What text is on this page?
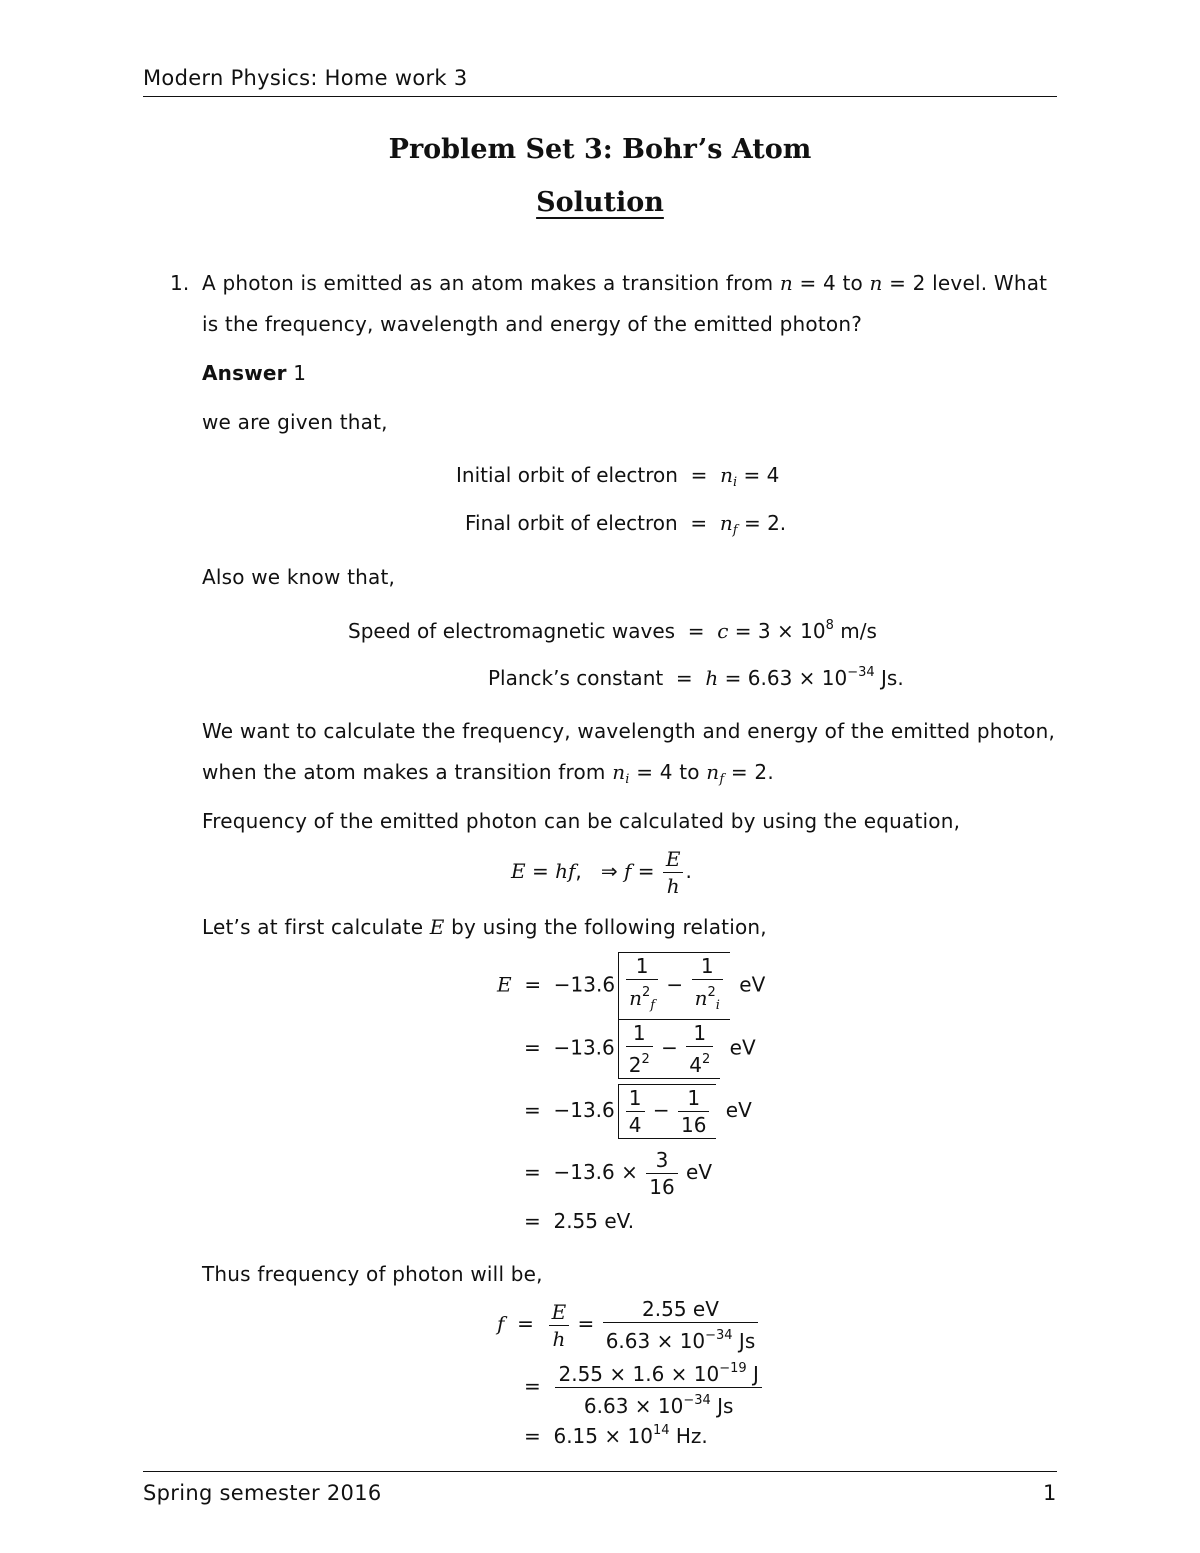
Modern Physics: Home work 3
Problem Set 3: Bohr’s Atom
Solution
1. A photon is emitted as an atom makes a transition from n = 4 to n = 2 level. What
is the frequency, wavelength and energy of the emitted photon?
Answer 1
we are given that,
Initial orbit of electron  =  $n_i = 4$
Final orbit of electron  =  $n_f = 2$.
Also we know that,
Speed of electromagnetic waves  =  $c = 3 \times 10^8$ m/s
Planck’s constant  =  $h = 6.63 \times 10^{-34}$ Js.
We want to calculate the frequency, wavelength and energy of the emitted photon,
when the atom makes a transition from $n_i = 4$ to $n_f = 2$.
Frequency of the emitted photon can be calculated by using the equation,
E = hf,   ⇒ $f = \frac{E}{h}$ .
Let’s at first calculate E by using the following relation,
$E = -13.6 \frac{1}{n^2_f} - \frac{1}{n^2_i}$ eV
=  $-13.6 \frac{1}{2^2} - \frac{1}{4^2}$ eV
=  $-13.6 \frac{1}{4} - \frac{1}{16}$ eV
=  $-13.6 \times \frac{3}{16}$ eV
=  2.55 eV.
Thus frequency of photon will be,
$f = \frac{E}{h} = \frac{2.55 eV}{6.63 \times 10^{-34} Js}$
= $\frac{2.55 \times 1.6 \times 10^{-19} J}{6.63 \times 10^{-34} Js}$
=  $6.15 \times 10^{14}$ Hz.
Spring semester 2016	1
